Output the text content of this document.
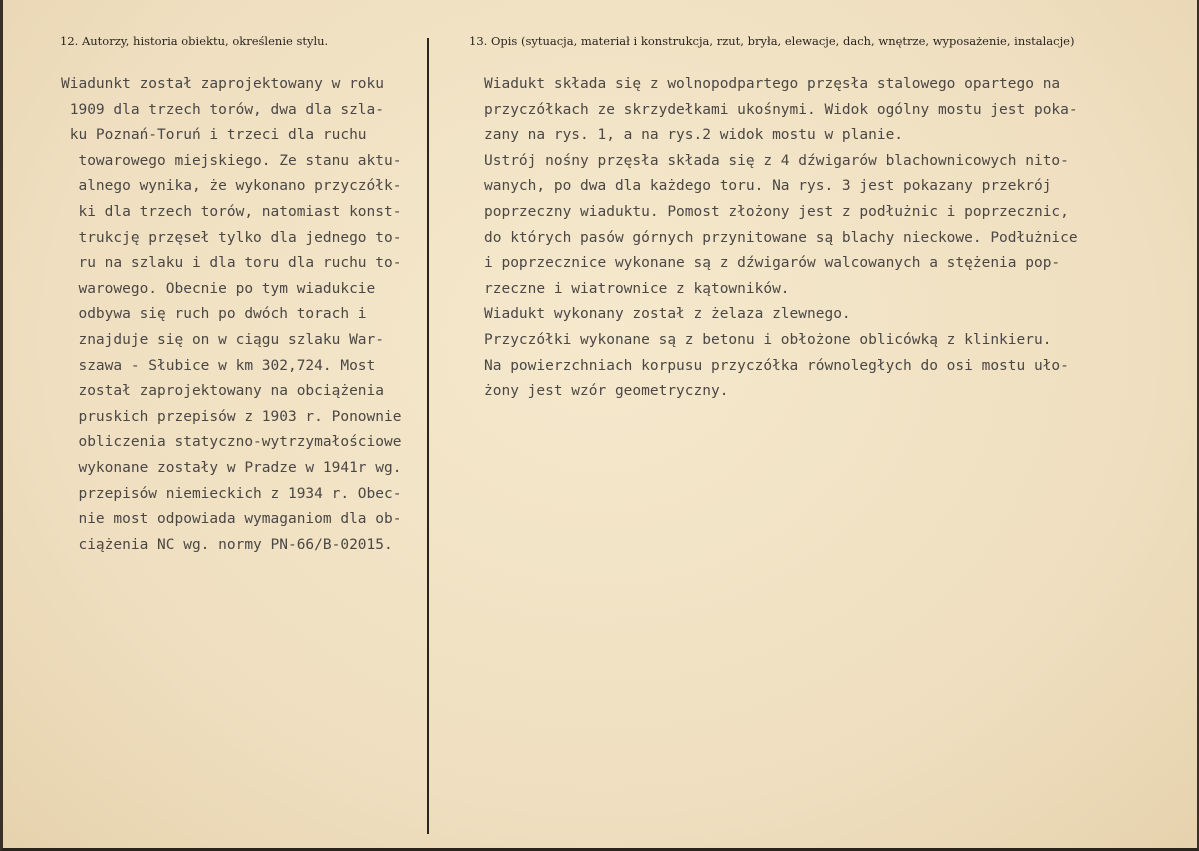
12. Autorzy, historia obiektu, określenie stylu.	13. Opis (sytuacja, materiał i konstrukcja, rzut, bryła, elewacje, dach, wnętrze, wyposażenie, instalacje)
Wiadunkt został zaprojektowany w roku
1909 dla trzech torów, dwa dla szla-
ku Poznań-Toruń i trzeci dla ruchu
towarowego miejskiego. Ze stanu aktu-
alnego wynika, że wykonano przyczółk-
ki dla trzech torów, natomiast konst-
trukcję przęseł tylko dla jednego to-
ru na szlaku i dla toru dla ruchu to-
warowego. Obecnie po tym wiadukcie
odbywa się ruch po dwóch torach i
znajduje się on w ciągu szlaku War-
szawa - Słubice w km 302,724. Most
został zaprojektowany na obciążenia
pruskich przepisów z 1903 r. Ponownie
obliczenia statyczno-wytrzymałościowe
wykonane zostały w Pradze w 1941r wg.
przepisów niemieckich z 1934 r. Obec-
nie most odpowiada wymaganiom dla ob-
ciążenia NC wg. normy PN-66/B-02015.
Wiadukt składa się z wolnopodpartego przęsła stalowego opartego na
przyczółkach ze skrzydełkami ukośnymi. Widok ogólny mostu jest poka-
zany na rys. 1, a na rys.2 widok mostu w planie.
Ustrój nośny przęsła składa się z 4 dźwigarów blachownicowych nito-
wanych, po dwa dla każdego toru. Na rys. 3 jest pokazany przekrój
poprzeczny wiaduktu. Pomost złożony jest z podłużnic i poprzecznic,
do których pasów górnych przynitowane są blachy nieckowe. Podłużnice
i poprzecznice wykonane są z dźwigarów walcowanych a stężenia pop-
rzeczne i wiatrownice z kątowników.
Wiadukt wykonany został z żelaza zlewnego.
Przyczółki wykonane są z betonu i obłożone oblicówką z klinkieru.
Na powierzchniach korpusu przyczółka równoległych do osi mostu uło-
żony jest wzór geometryczny.
